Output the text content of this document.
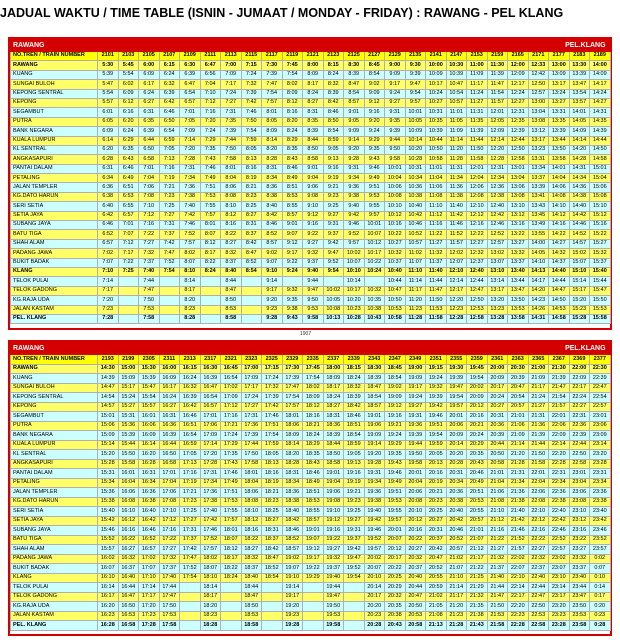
JADUAL WAKTU / TIME TABLE (ISNIN - JUMAAT / MONDAY - FRIDAY) : RAWANG - PEL KLANG
RAWANG																						PEL.KLANG			
NO.TREN / TRAIN NUMBER	2101	2103	2105	2107	2109	2111	2113	2115	2117	2119	2121	2123	2125	2127	2129	2135	2141	2147	2153	2159	2165	2171	2177	2183	2189
RAWANG	5:30	5:45	6:00	6:15	6:30	6:47	7:00	7:15	7:30	7:45	8:00	8:15	8:30	8:45	9:00	9:30	10:00	10:30	11:00	11:30	12:00	12:33	13:00	13:30	14:00
KUANG	5:39	5:54	6:09	6:24	6:39	6:56	7:09	7:24	7:39	7:54	8:09	8:24	8:39	8:54	9:09	9:39	10:09	10:39	11:09	11:39	12:09	12:42	13:09	13:39	14:09
SUNGAI BULOH	5:47	6:02	6:17	6:32	6:47	7:04	7:17	7:32	7:47	8:02	8:17	8:32	8:47	9:02	9:17	9:47	10:17	10:47	11:17	11:47	12:17	12:50	13:17	13:47	14:17
KEPONG SENTRAL	5:54	6:09	6:24	6:39	6:54	7:10	7:24	7:39	7:54	8:09	8:24	8:39	8:54	9:09	9:24	9:54	10:24	10:54	11:24	11:54	12:24	12:57	13:24	13:54	14:24
KEPONG	5:57	6:12	6:27	6:42	6:57	7:12	7:27	7:42	7:57	8:12	8:27	8:42	8:57	9:12	9:27	9:57	10:27	10:57	11:27	11:57	12:27	13:00	13:27	13:57	14:27
SEGAMBUT	6:01	6:16	6:31	6:46	7:01	7:16	7:31	7:46	8:01	8:16	8:31	8:46	9:01	9:16	9:31	10:01	10:31	11:01	11:31	12:01	12:31	13:04	13:31	14:01	14:31
PUTRA	6:05	6:20	6:35	6:50	7:05	7:20	7:35	7:50	8:05	8:20	8:35	8:50	9:05	9:20	9:35	10:05	10:35	11:05	11:35	12:05	12:35	13:08	13:35	14:05	14:35
BANK NEGARA	6:09	6:24	6:39	6:54	7:09	7:24	7:39	7:54	8:09	8:24	8:39	8:54	9:09	9:24	9:39	10:09	10:39	11:09	11:39	12:09	12:39	13:12	13:39	14:09	14:39
KUALA LUMPUR	6:14	6:29	6:44	6:59	7:14	7:29	7:44	7:59	8:14	8:29	8:44	8:59	9:14	9:29	9:44	10:14	10:44	11:14	11:44	12:14	12:44	13:17	13:44	14:14	14:44
KL SENTRAL	6:20	6:35	6:50	7:05	7:20	7:35	7:50	8:05	8:20	8:35	8:50	9:05	9:20	9:35	9:50	10:20	10:50	11:20	11:50	12:20	12:50	13:23	13:50	14:20	14:50
ANGKASAPURI	6:28	6:43	6:58	7:13	7:28	7:43	7:58	8:13	8:28	8:43	8:58	9:13	9:28	9:43	9:58	10:28	10:58	11:28	11:58	12:28	12:58	13:31	13:58	14:28	14:58
PANTAI DALAM	6:31	6:46	7:01	7:16	7:31	7:46	8:01	8:16	8:31	8:46	9:01	9:16	9:31	9:46	10:01	10:31	11:01	11:31	12:01	12:31	13:01	13:34	14:01	14:31	15:01
PETALING	6:34	6:49	7:04	7:19	7:34	7:49	8:04	8:19	8:34	8:49	9:04	9:19	9:34	9:49	10:04	10:34	11:04	11:34	12:04	12:34	13:04	13:37	14:04	14:34	15:04
JALAN TEMPLER	6:36	6:51	7:06	7:21	7:36	7:51	8:06	8:21	8:36	8:51	9:06	9:21	9:36	9:51	10:06	10:36	11:06	11:36	12:06	12:36	13:06	13:39	14:06	14:36	15:06
KG.DATO HARUN	6:38	6:53	7:08	7:23	7:38	7:53	8:08	8:23	8:38	8:53	9:08	9:23	9:38	9:53	10:08	10:38	11:08	11:38	12:08	12:38	13:08	13:41	14:08	14:38	15:08
SERI SETIA	6:40	6:55	7:10	7:25	7:40	7:55	8:10	8:25	8:40	8:55	9:10	9:25	9:40	9:55	10:10	10:40	11:10	11:40	12:10	12:40	13:10	13:43	14:10	14:40	15:10
SETIA JAYA	6:42	6:57	7:12	7:27	7:42	7:57	8:12	8:27	8:42	8:57	9:12	9:27	9:42	9:57	10:12	10:42	11:12	11:42	12:12	12:42	13:12	13:45	14:12	14:42	15:12
SUBANG JAYA	6:46	7:01	7:16	7:31	7:46	8:01	8:16	8:31	8:46	9:01	9:16	9:31	9:46	10:01	10:16	10:46	11:16	11:46	12:16	12:46	13:16	13:49	14:16	14:46	15:16
BATU TIGA	6:52	7:07	7:22	7:37	7:52	8:07	8:22	8:37	8:52	9:07	9:22	9:37	9:52	10:07	10:22	10:52	11:22	11:52	12:22	12:52	13:22	13:55	14:22	14:52	15:22
SHAH ALAM	6:57	7:12	7:27	7:42	7:57	8:12	8:27	8:42	8:57	9:12	9:27	9:42	9:57	10:12	10:27	10:57	11:27	11:57	12:27	12:57	13:27	14:00	14:27	14:57	15:27
PADANG JAWA	7:02	7:17	7:32	7:47	8:02	8:17	8:32	8:47	9:02	9:17	9:32	9:47	10:02	10:17	10:32	11:02	11:32	12:02	12:32	13:02	13:32	14:05	14:32	15:02	15:32
BUKIT BADAK	7:07	7:22	7:37	7:52	8:07	8:22	8:37	8:52	9:07	9:22	9:37	9:52	10:07	10:22	10:37	11:07	11:37	12:07	12:37	13:07	13:37	14:10	14:37	15:07	15:37
KLANG	7:10	7:25	7:40	7:54	8:10	8:24	8:40	8:54	9:10	9:24	9:40	9:54	10:10	10:24	10:40	11:10	11:40	12:10	12:40	13:10	13:40	14:13	14:40	15:10	15:40
TELOK PULAI	7:14		7:44		8:14		8:44		9:14		9:44		10:14		10:44	11:14	11:44	12:14	12:44	13:14	13:44	14:17	14:44	15:14	15:44
TELOK GADONG	7:17		7:47		8:17		8:47		9:17	9:32	9:47	10:02	10:17	10:32	10:47	11:17	11:47	12:17	12:47	13:17	13:47	14:20	14:47	15:17	15:47
KG.RAJA UDA	7:20		7:50		8:20		8:50		9:20	9:35	9:50	10:05	10:20	10:35	10:50	11:20	11:50	12:20	12:50	13:20	13:50	14:23	14:50	15:20	15:50
JALAN KASTAM	7:23		7:53		8:23		8:53		9:23	9:38	9:53	10:08	10:23	10:38	10:53	11:23	11:53	12:23	12:53	13:23	13:53	14:26	14:53	15:23	15:53
PEL. KLANG	7:28		7:58		8:28		8:58		9:28	9:43	9:58	10:13	10:28	10:43	10:58	11:28	11:58	12:28	12:58	13:28	13:58	14:31	14:58	15:28	15:58
1907
RAWANG																						PEL.KLANG			
NO.TREN / TRAIN NUMBER	2193	2199	2305	2311	2313	2317	2321	2323	2325	2329	2335	2337	2339	2343	2347	2349	2351	2355	2359	2361	2363	2365	2367	2369	2377
RAWANG	14:30	15:00	15:30	16:00	16:15	16:30	16:45	17:00	17:15	17:30	17:45	18:00	18:15	18:30	18:45	19:00	19:15	19:30	19:45	20:00	20:30	21:00	21:30	22:00	22:30
KUANG	14:39	15:09	15:39	16:09	16:24	16:39	16:54	17:09	17:24	17:39	17:54	18:09	18:24	18:39	18:54	19:09	19:24	19:39	19:54	20:09	20:39	21:09	21:39	22:09	22:39
SUNGAI BULOH	14:47	15:17	15:47	16:17	16:32	16:47	17:02	17:17	17:32	17:47	18:02	18:17	18:32	18:47	19:02	19:17	19:32	19:47	20:02	20:17	20:47	21:17	21:47	22:17	22:47
KEPONG SENTRAL	14:54	15:24	15:54	16:24	16:39	16:54	17:09	17:24	17:39	17:54	18:09	18:24	18:39	18:54	19:09	19:24	19:39	19:54	20:09	20:24	20:54	21:24	21:54	22:24	22:54
KEPONG	14:57	15:27	15:57	16:27	16:42	16:57	17:12	17:27	17:42	17:57	18:12	18:27	18:42	18:57	19:12	19:27	19:42	19:57	20:12	20:27	20:57	21:27	21:57	22:27	22:57
SEGAMBUT	15:01	15:31	16:01	16:31	16:46	17:01	17:16	17:31	17:46	18:01	18:16	18:31	18:46	19:01	19:16	19:31	19:46	20:01	20:16	20:31	21:01	21:31	22:01	22:31	23:01
PUTRA	15:06	15:36	16:06	16:36	16:51	17:06	17:21	17:36	17:51	18:06	18:21	18:36	18:51	19:06	19:21	19:36	19:51	20:06	20:21	20:36	21:06	21:36	22:06	22:36	23:06
BANK NEGARA	15:09	15:39	16:09	16:39	16:54	17:09	17:24	17:39	17:54	18:09	18:24	18:39	18:54	19:09	19:24	19:39	19:54	20:09	20:24	20:39	21:09	21:39	22:09	22:39	23:09
KUALA LUMPUR	15:14	15:44	16:14	16:44	16:59	17:14	17:29	17:44	17:59	18:14	18:29	18:44	18:59	19:14	19:29	19:44	19:59	20:14	20:29	20:44	21:14	21:44	22:14	22:44	23:14
KL SENTRAL	15:20	15:50	16:20	16:50	17:05	17:20	17:35	17:50	18:05	18:20	18:35	18:50	19:05	19:20	19:35	19:50	20:05	20:20	20:35	20:50	21:20	21:50	22:20	22:50	23:20
ANGKASAPURI	15:28	15:58	16:28	16:58	17:13	17:28	17:43	17:58	18:13	18:28	18:43	18:58	19:13	19:28	19:43	19:58	20:13	20:28	20:43	20:58	21:28	21:58	22:28	22:58	23:28
PANTAI DALAM	15:31	16:01	16:31	17:01	17:16	17:31	17:46	18:01	18:16	18:31	18:46	19:01	19:16	19:31	19:46	20:01	20:16	20:31	20:46	21:01	21:31	22:01	22:31	23:01	23:31
PETALING	15:34	16:04	16:34	17:04	17:19	17:34	17:49	18:04	18:19	18:34	18:49	19:04	19:19	19:34	19:49	20:04	20:19	20:34	20:49	21:04	21:34	22:04	22:34	23:04	23:34
JALAN TEMPLER	15:36	16:06	16:36	17:06	17:21	17:36	17:51	18:06	18:21	18:36	18:51	19:06	19:21	19:36	19:51	20:06	20:21	20:36	20:51	21:06	21:36	22:06	22:36	23:06	23:36
KG.DATO HARUN	15:38	16:08	16:38	17:08	17:23	17:38	17:53	18:08	18:23	18:38	18:53	19:08	19:23	19:38	19:53	20:08	20:23	20:38	20:53	21:08	21:38	22:08	22:38	23:08	23:38
SERI SETIA	15:40	16:10	16:40	17:10	17:25	17:40	17:55	18:10	18:25	18:40	18:55	19:10	19:25	19:40	19:55	20:10	20:25	20:40	20:55	21:10	21:40	22:10	22:40	23:10	23:40
SETIA JAYA	15:42	16:12	16:42	17:12	17:27	17:42	17:57	18:12	18:27	18:42	18:57	19:12	19:27	19:42	19:57	20:12	20:27	20:42	20:57	21:12	21:42	22:12	22:42	23:12	23:42
SUBANG JAYA	15:46	16:16	16:46	17:16	17:31	17:46	18:01	18:16	18:31	18:46	19:01	19:16	19:31	19:46	20:01	20:16	20:31	20:46	21:01	21:16	21:46	22:16	22:46	23:16	23:46
BATU TIGA	15:52	16:22	16:52	17:22	17:37	17:52	18:07	18:22	18:37	18:52	19:07	19:22	19:37	19:52	20:07	20:22	20:37	20:52	21:07	21:22	21:52	22:22	22:52	23:22	23:52
SHAH ALAM	15:57	16:27	16:57	17:27	17:42	17:57	18:12	18:27	18:42	18:57	19:12	19:27	19:42	19:57	20:12	20:27	20:42	20:57	21:12	21:27	21:57	22:27	22:57	23:27	23:57
PADANG JAWA	16:02	16:32	17:02	17:32	17:47	18:02	18:17	18:32	18:47	19:02	19:17	19:32	19:47	20:02	20:17	20:32	20:47	21:02	21:17	21:32	22:02	22:32	23:02	23:32	0:02
BUKIT BADAK	16:07	16:37	17:07	17:37	17:52	18:07	18:22	18:37	18:52	19:07	19:22	19:37	19:52	20:07	20:22	20:37	20:52	21:07	21:22	21:37	22:07	22:37	23:07	23:37	0:07
KLANG	16:10	16:40	17:10	17:40	17:54	18:10	18:24	18:40	18:54	19:10	19:29	19:40	19:54	20:10	20:25	20:40	20:55	21:10	21:25	21:40	22:10	22:40	23:10	23:40	0:10
TELOK PULAI	16:14	16:44	17:14	17:44		18:14		18:44		19:14		19:44		20:14	20:29	20:44	20:59	21:14	21:29	21:44	22:14	22:44	23:14	23:44	0:14
TELOK GADONG	16:17	16:47	17:17	17:47		18:17		18:47		19:17		19:47		20:17	20:32	20:47	21:02	21:17	21:32	21:47	22:17	22:47	23:17	23:47	0:17
KG.RAJA UDA	16:20	16:50	17:20	17:50		18:20		18:50		19:20		19:50		20:20	20:35	20:50	21:05	21:20	21:35	21:50	22:20	22:50	23:20	23:50	0:20
JALAN KASTAM	16:23	16:53	17:23	17:53		18:23		18:53		19:23		19:53		20:23	20:38	20:53	21:08	21:23	21:38	21:53	22:23	22:53	23:23	23:53	0:23
PEL. KLANG	16:28	16:58	17:28	17:58		18:28		18:58		19:28		19:58		20:28	20:43	20:58	21:13	21:28	21:43	21:58	22:28	22:58	23:28	23:58	0:28
